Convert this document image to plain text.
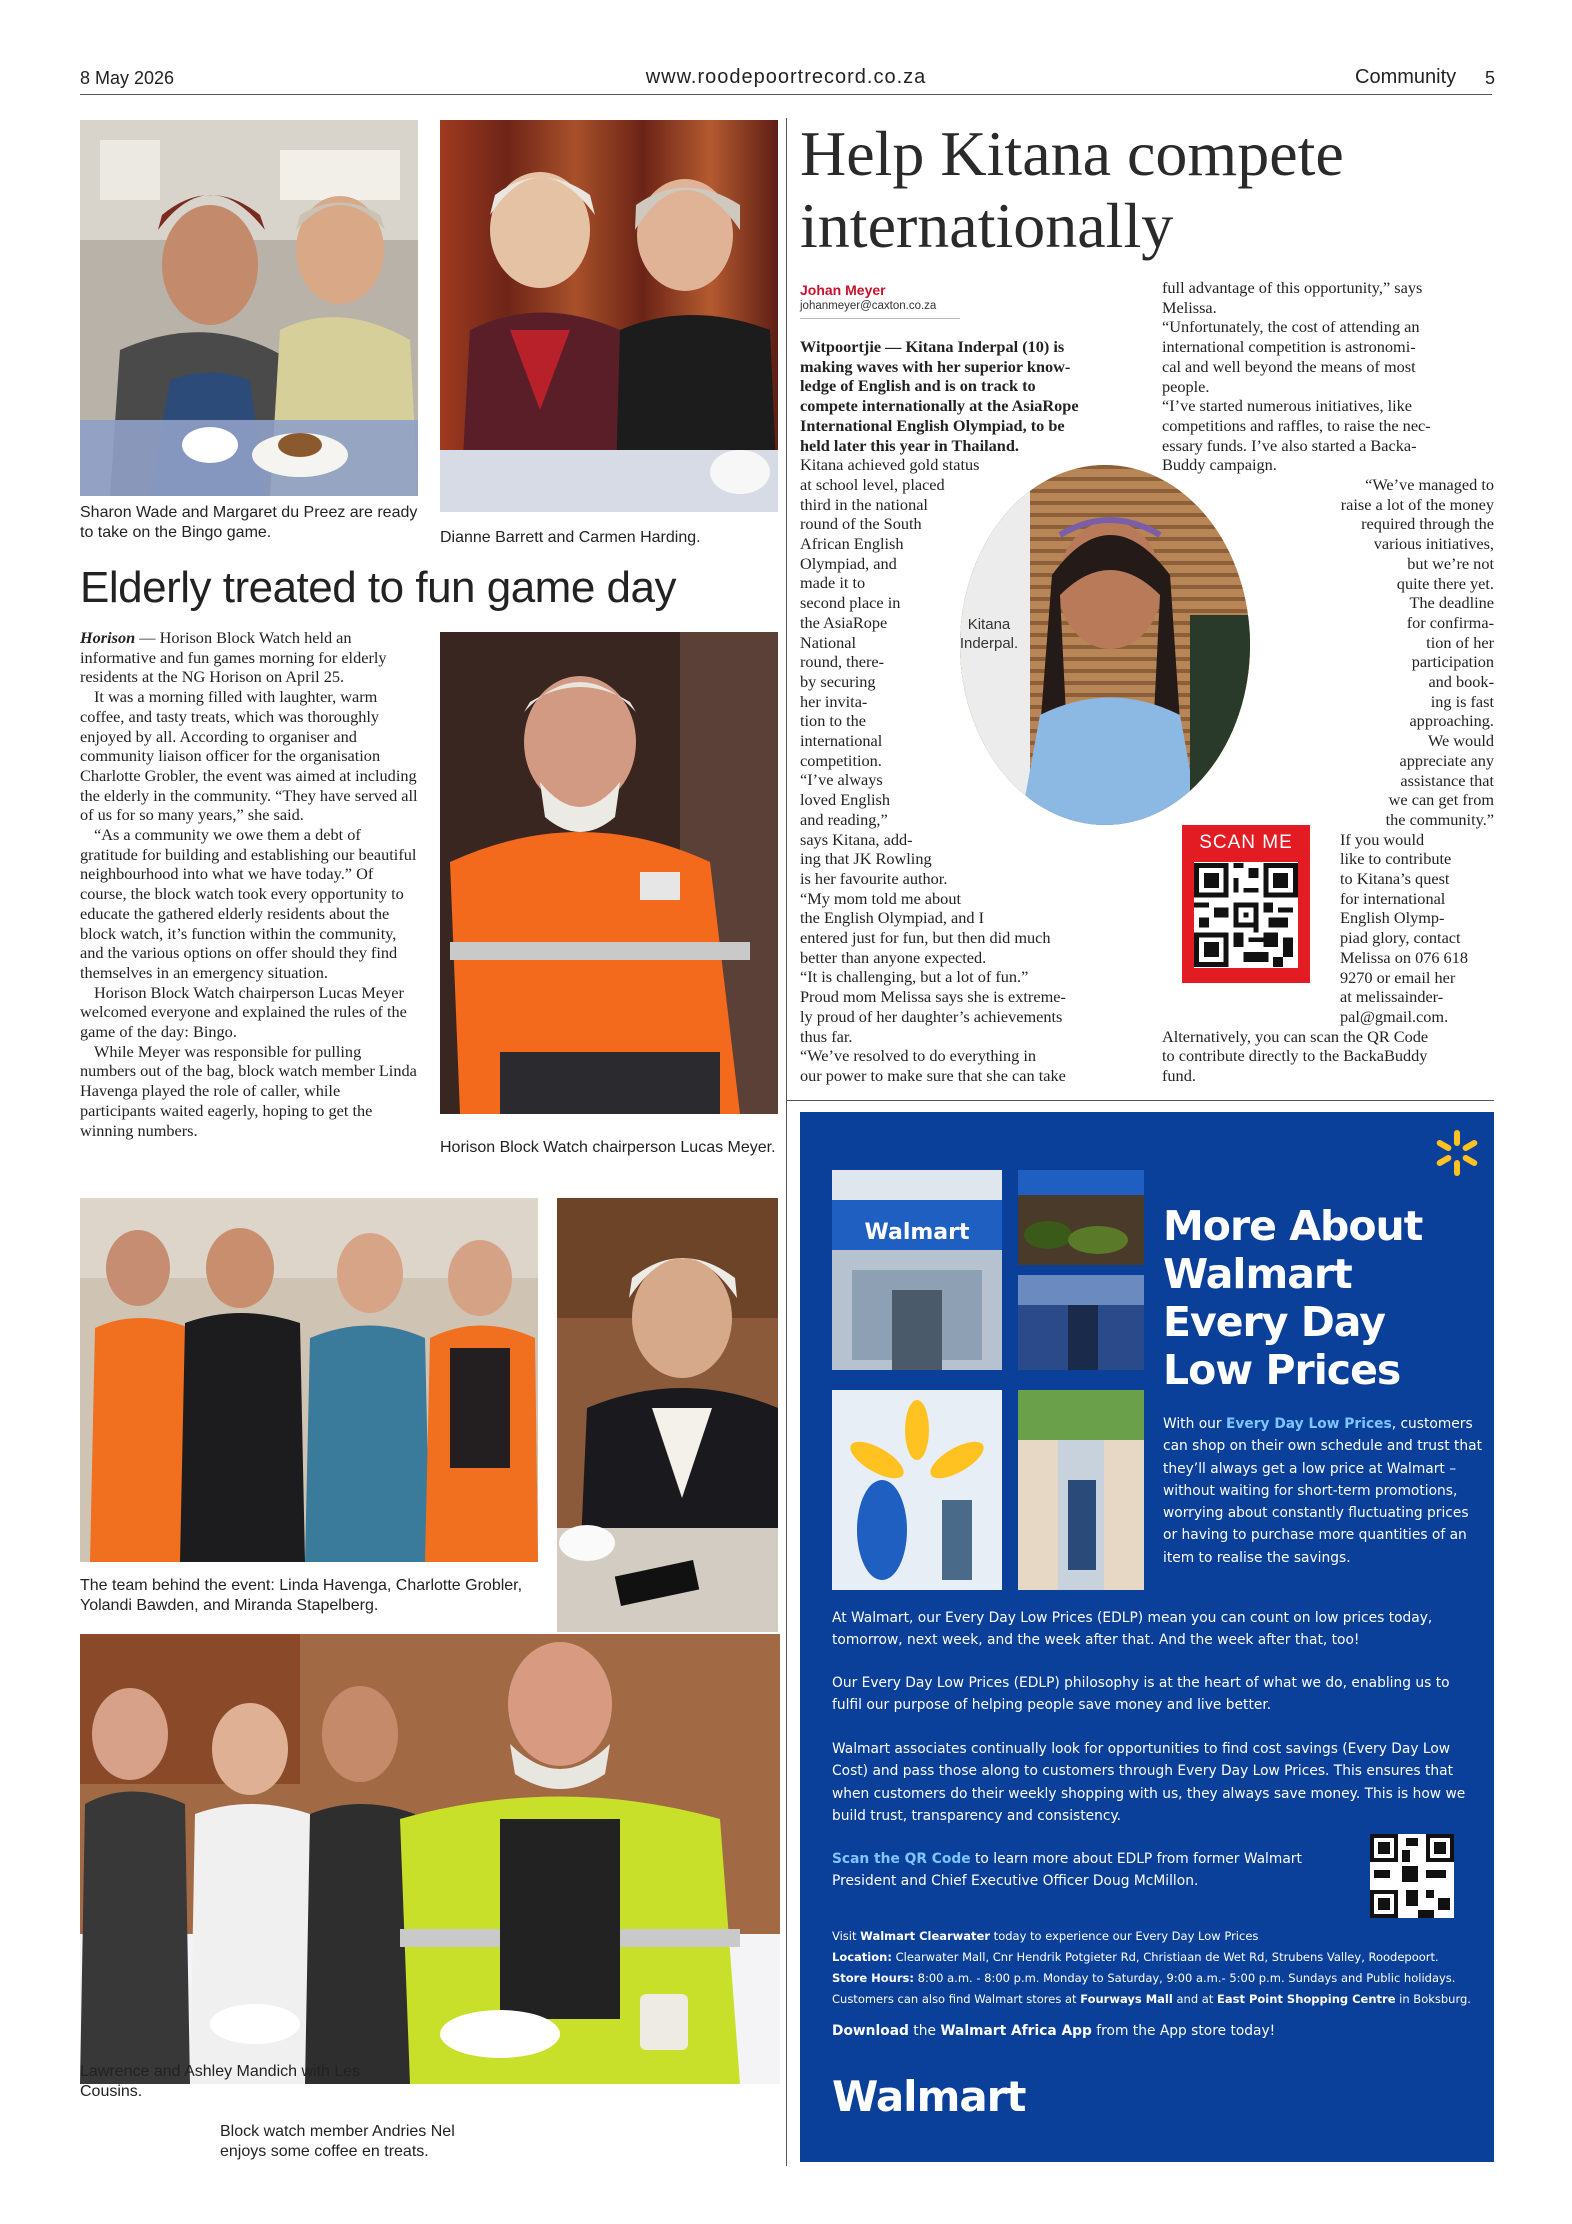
8 May 2026	www.roodepoortrecord.co.za	Community 5
Sharon Wade and Margaret du Preez are ready to take on the Bingo game.	Dianne Barrett and Carmen Harding.
Elderly treated to fun game day

Horison — Horison Block Watch held an informative and fun games morning for elderly residents at the NG Horison on April 25.

It was a morning filled with laughter, warm coffee, and tasty treats, which was thoroughly enjoyed by all. According to organiser and community liaison officer for the organisation Charlotte Grobler, the event was aimed at including the elderly in the community. “They have served all of us for so many years,” she said.

“As a community we owe them a debt of gratitude for building and establishing our beautiful neighbourhood into what we have today.” Of course, the block watch took every opportunity to educate the gathered elderly residents about the block watch, it’s function within the community, and the various options on offer should they find themselves in an emergency situation.

Horison Block Watch chairperson Lucas Meyer welcomed everyone and explained the rules of the game of the day: Bingo.

While Meyer was responsible for pulling numbers out of the bag, block watch member Linda Havenga played the role of caller, while participants waited eagerly, hoping to get the winning numbers.

Horison Block Watch chairperson Lucas Meyer.
The team behind the event: Linda Havenga, Charlotte Grobler, Yolandi Bawden, and Miranda Stapelberg.
Lawrence and Ashley Mandich with Les Cousins.
Block watch member Andries Nel enjoys some coffee en treats.
Help Kitana compete internationally
Johan Meyer
johanmeyer@caxton.co.za
Kitana Inderpal.
SCAN ME
Witpoortjie — Kitana Inderpal (10) is
making waves with her superior know-
ledge of English and is on track to
compete internationally at the AsiaRope
International English Olympiad, to be
held later this year in Thailand.
Kitana achieved gold status
at school level, placed
third in the national
round of the South
African English
Olympiad, and
made it to
second place in
the AsiaRope
National
round, there-
by securing
her invita-
tion to the
international
competition.
“I’ve always
loved English
and reading,”
says Kitana, add-
ing that JK Rowling
is her favourite author.
“My mom told me about
the English Olympiad, and I
entered just for fun, but then did much
better than anyone expected.
“It is challenging, but a lot of fun.”
Proud mom Melissa says she is extreme-
ly proud of her daughter’s achievements
thus far.
“We’ve resolved to do everything in
our power to make sure that she can take
full advantage of this opportunity,” says
Melissa.
“Unfortunately, the cost of attending an
international competition is astronomi-
cal and well beyond the means of most
people.
“I’ve started numerous initiatives, like
competitions and raffles, to raise the nec-
essary funds. I’ve also started a Backa-
Buddy campaign.
“We’ve managed to
raise a lot of the money
required through the
various initiatives,
but we’re not
quite there yet.
The deadline
for confirma-
tion of her
participation
and book-
ing is fast
approaching.
We would
appreciate any
assistance that
we can get from
the community.”
If you would
like to contribute
to Kitana’s quest
for international
English Olymp-
piad glory, contact
Melissa on 076 618
9270 or email her
at melissainder-
pal@gmail.com.
Alternatively, you can scan the QR Code
to contribute directly to the BackaBuddy
fund.
Walmart	More About
Walmart
Every Day
Low Prices
With our Every Day Low Prices, customers can shop on their own schedule and trust that they’ll always get a low price at Walmart – without waiting for short-term promotions, worrying about constantly fluctuating prices or having to purchase more quantities of an item to realise the savings.
At Walmart, our Every Day Low Prices (EDLP) mean you can count on low prices today, tomorrow, next week, and the week after that. And the week after that, too!
Our Every Day Low Prices (EDLP) philosophy is at the heart of what we do, enabling us to fulfil our purpose of helping people save money and live better.
Walmart associates continually look for opportunities to find cost savings (Every Day Low Cost) and pass those along to customers through Every Day Low Prices. This ensures that when customers do their weekly shopping with us, they always save money. This is how we build trust, transparency and consistency.
Scan the QR Code to learn more about EDLP from former Walmart President and Chief Executive Officer Doug McMillon.
Visit Walmart Clearwater today to experience our Every Day Low Prices
Location: Clearwater Mall, Cnr Hendrik Potgieter Rd, Christiaan de Wet Rd, Strubens Valley, Roodepoort.
Store Hours: 8:00 a.m. - 8:00 p.m. Monday to Saturday, 9:00 a.m.- 5:00 p.m. Sundays and Public holidays.
Customers can also find Walmart stores at Fourways Mall and at East Point Shopping Centre in Boksburg.
Download the Walmart Africa App from the App store today!
Walmart
